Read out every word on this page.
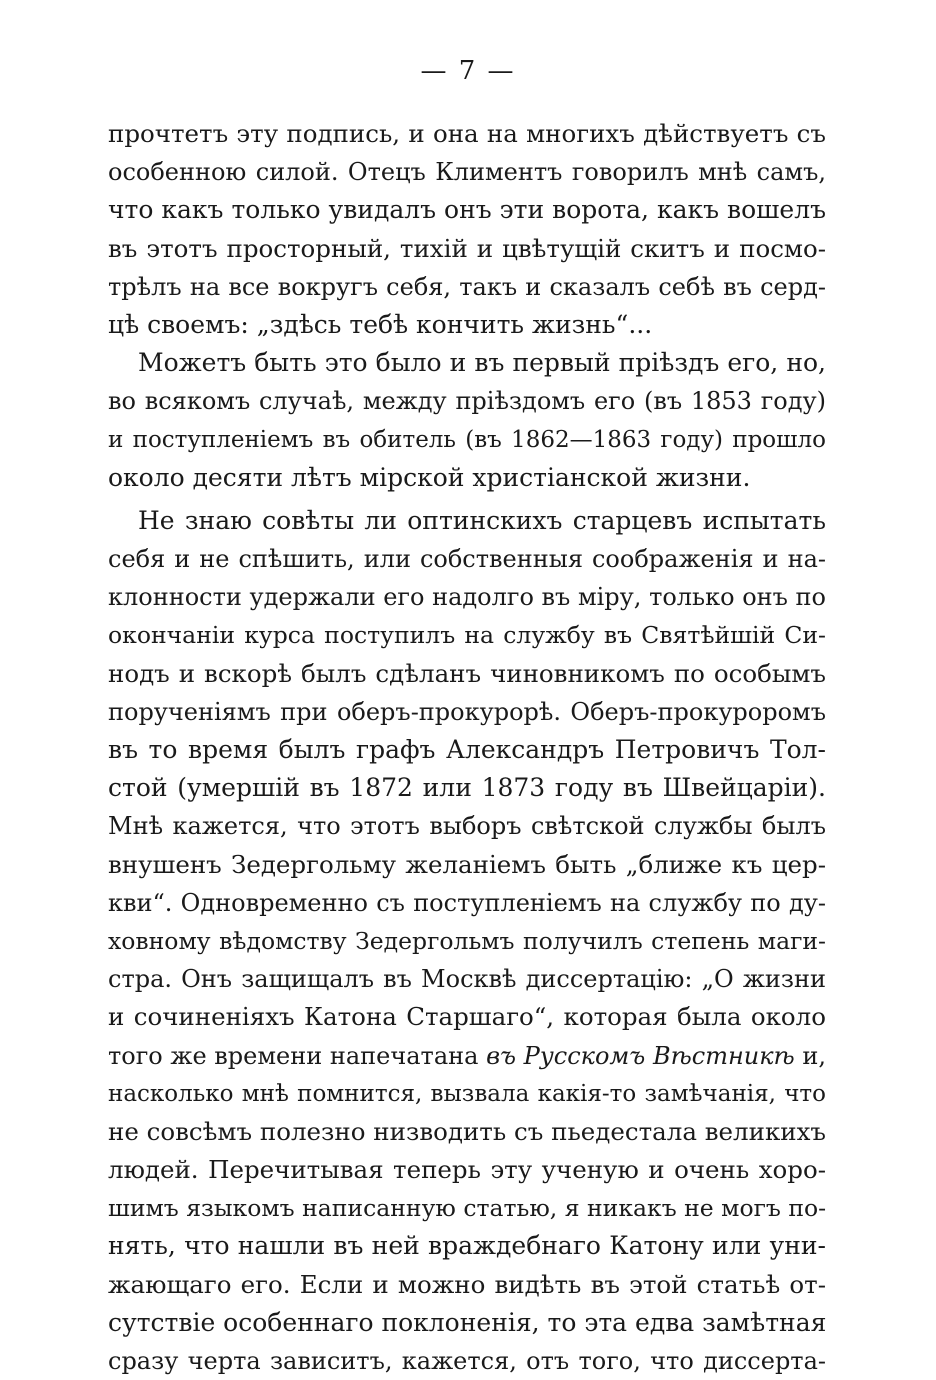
— 7 —
прочтетъ эту подпись, и она на многихъ дѣйствуетъ съ
особенною силой. Отецъ Климентъ говорилъ мнѣ самъ,
что какъ только увидалъ онъ эти ворота, какъ вошелъ
въ этотъ просторный, тихій и цвѣтущій скитъ и посмо-
трѣлъ на все вокругъ себя, такъ и сказалъ себѣ въ серд-
цѣ своемъ: „здѣсь тебѣ кончить жизнь“...
Можетъ быть это было и въ первый пріѣздъ его, но,
во всякомъ случаѣ, между пріѣздомъ его (въ 1853 году)
и поступленіемъ въ обитель (въ 1862—1863 году) прошло
около десяти лѣтъ мірской христіанской жизни.
Не знаю совѣты ли оптинскихъ старцевъ испытать
себя и не спѣшить, или собственныя соображенія и на-
клонности удержали его надолго въ міру, только онъ по
окончаніи курса поступилъ на службу въ Святѣйшій Си-
нодъ и вскорѣ былъ сдѣланъ чиновникомъ по особымъ
порученіямъ при оберъ-прокурорѣ. Оберъ-прокуроромъ
въ то время былъ графъ Александръ Петровичъ Тол-
стой (умершій въ 1872 или 1873 году въ Швейцаріи).
Мнѣ кажется, что этотъ выборъ свѣтской службы былъ
внушенъ Зедергольму желаніемъ быть „ближе къ цер-
кви“. Одновременно съ поступленіемъ на службу по ду-
ховному вѣдомству Зедергольмъ получилъ степень маги-
стра. Онъ защищалъ въ Москвѣ диссертацію: „О жизни
и сочиненіяхъ Катона Старшаго“, которая была около
того же времени напечатана въ Русскомъ Вѣстникѣ и,
насколько мнѣ помнится, вызвала какія-то замѣчанія, что
не совсѣмъ полезно низводить съ пьедестала великихъ
людей. Перечитывая теперь эту ученую и очень хоро-
шимъ языкомъ написанную статью, я никакъ не могъ по-
нять, что нашли въ ней враждебнаго Катону или уни-
жающаго его. Если и можно видѣть въ этой статьѣ от-
сутствіе особеннаго поклоненія, то эта едва замѣтная
сразу черта зависитъ, кажется, отъ того, что диссерта-
